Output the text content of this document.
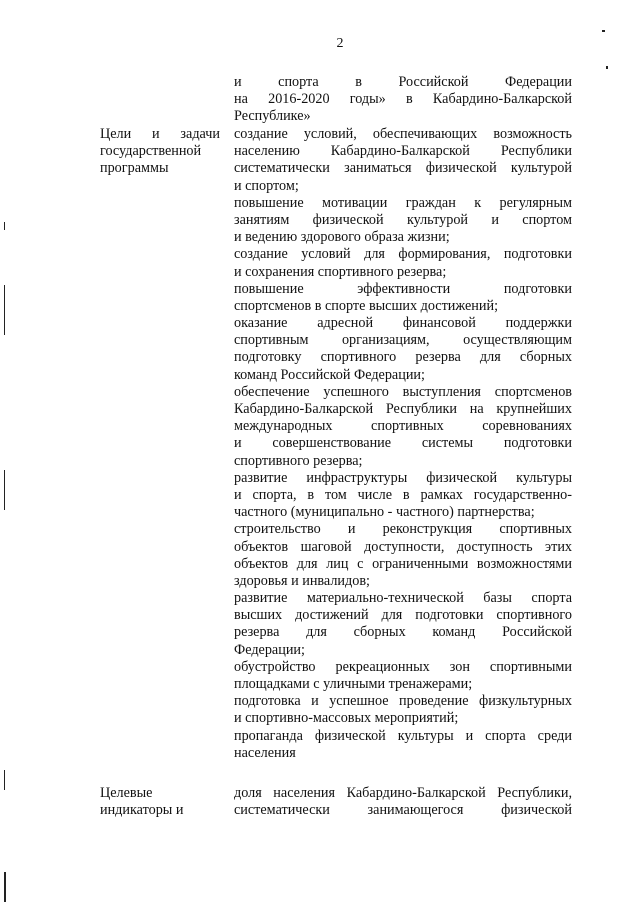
2
и спорта в Российской Федерации
на 2016-2020 годы» в Кабардино-Балкарской
Республике»
Цели и задачи
государственной
программы
создание условий, обеспечивающих возможность
населению Кабардино-Балкарской Республики
систематически заниматься физической культурой
и спортом;
повышение мотивации граждан к регулярным
занятиям физической культурой и спортом
и ведению здорового образа жизни;
создание условий для формирования, подготовки
и сохранения спортивного резерва;
повышение эффективности подготовки
спортсменов в спорте высших достижений;
оказание адресной финансовой поддержки
спортивным организациям, осуществляющим
подготовку спортивного резерва для сборных
команд Российской Федерации;
обеспечение успешного выступления спортсменов
Кабардино-Балкарской Республики на крупнейших
международных спортивных соревнованиях
и совершенствование системы подготовки
спортивного резерва;
развитие инфраструктуры физической культуры
и спорта, в том числе в рамках государственно-
частного (муниципально - частного) партнерства;
строительство и реконструкция спортивных
объектов шаговой доступности, доступность этих
объектов для лиц с ограниченными возможностями
здоровья и инвалидов;
развитие материально-технической базы спорта
высших достижений для подготовки спортивного
резерва для сборных команд Российской
Федерации;
обустройство рекреационных зон спортивными
площадками с уличными тренажерами;
подготовка и успешное проведение физкультурных
и спортивно-массовых мероприятий;
пропаганда физической культуры и спорта среди
населения
Целевые
индикаторы и
доля населения Кабардино-Балкарской Республики,
систематически занимающегося физической
